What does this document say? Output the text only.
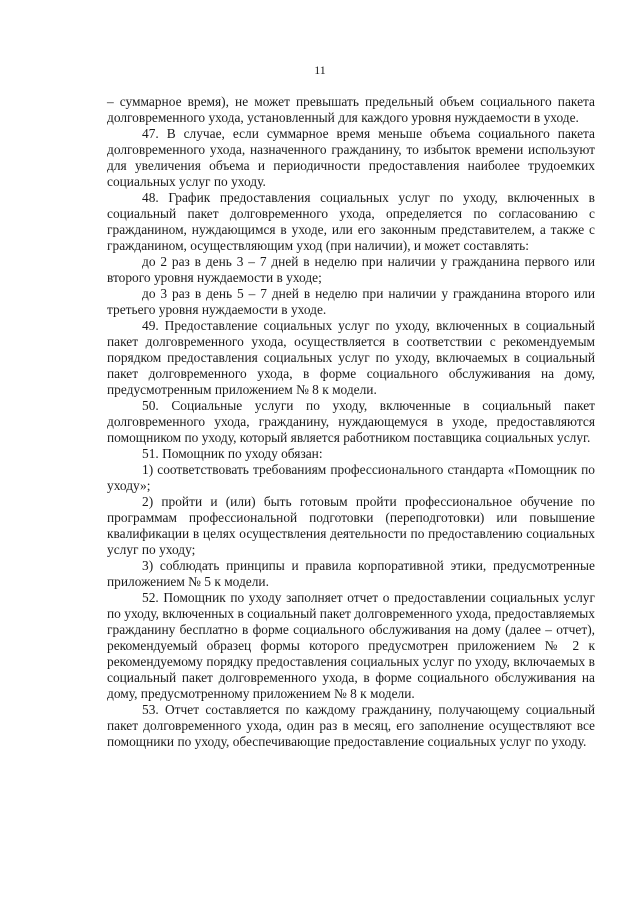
11

– суммарное время), не может превышать предельный объем социального пакета долговременного ухода, установленный для каждого уровня нуждаемости в уходе.

47. В случае, если суммарное время меньше объема социального пакета долговременного ухода, назначенного гражданину, то избыток времени используют для увеличения объема и периодичности предоставления наиболее трудоемких социальных услуг по уходу.

48. График предоставления социальных услуг по уходу, включенных в социальный пакет долговременного ухода, определяется по согласованию с гражданином, нуждающимся в уходе, или его законным представителем, а также с гражданином, осуществляющим уход (при наличии), и может составлять:

до 2 раз в день 3 – 7 дней в неделю при наличии у гражданина первого или второго уровня нуждаемости в уходе;

до 3 раз в день 5 – 7 дней в неделю при наличии у гражданина второго или третьего уровня нуждаемости в уходе.

49. Предоставление социальных услуг по уходу, включенных в социальный пакет долговременного ухода, осуществляется в соответствии с рекомендуемым порядком предоставления социальных услуг по уходу, включаемых в социальный пакет долговременного ухода, в форме социального обслуживания на дому, предусмотренным приложением № 8 к модели.

50. Социальные услуги по уходу, включенные в социальный пакет долговременного ухода, гражданину, нуждающемуся в уходе, предоставляются помощником по уходу, который является работником поставщика социальных услуг.

51. Помощник по уходу обязан:

1) соответствовать требованиям профессионального стандарта «Помощник по уходу»;

2) пройти и (или) быть готовым пройти профессиональное обучение по программам профессиональной подготовки (переподготовки) или повышение квалификации в целях осуществления деятельности по предоставлению социальных услуг по уходу;

3) соблюдать принципы и правила корпоративной этики, предусмотренные приложением № 5 к модели.

52. Помощник по уходу заполняет отчет о предоставлении социальных услуг по уходу, включенных в социальный пакет долговременного ухода, предоставляемых гражданину бесплатно в форме социального обслуживания на дому (далее – отчет), рекомендуемый образец формы которого предусмотрен приложением № 2 к рекомендуемому порядку предоставления социальных услуг по уходу, включаемых в социальный пакет долговременного ухода, в форме социального обслуживания на дому, предусмотренному приложением № 8 к модели.

53. Отчет составляется по каждому гражданину, получающему социальный пакет долговременного ухода, один раз в месяц, его заполнение осуществляют все помощники по уходу, обеспечивающие предоставление социальных услуг по уходу.
